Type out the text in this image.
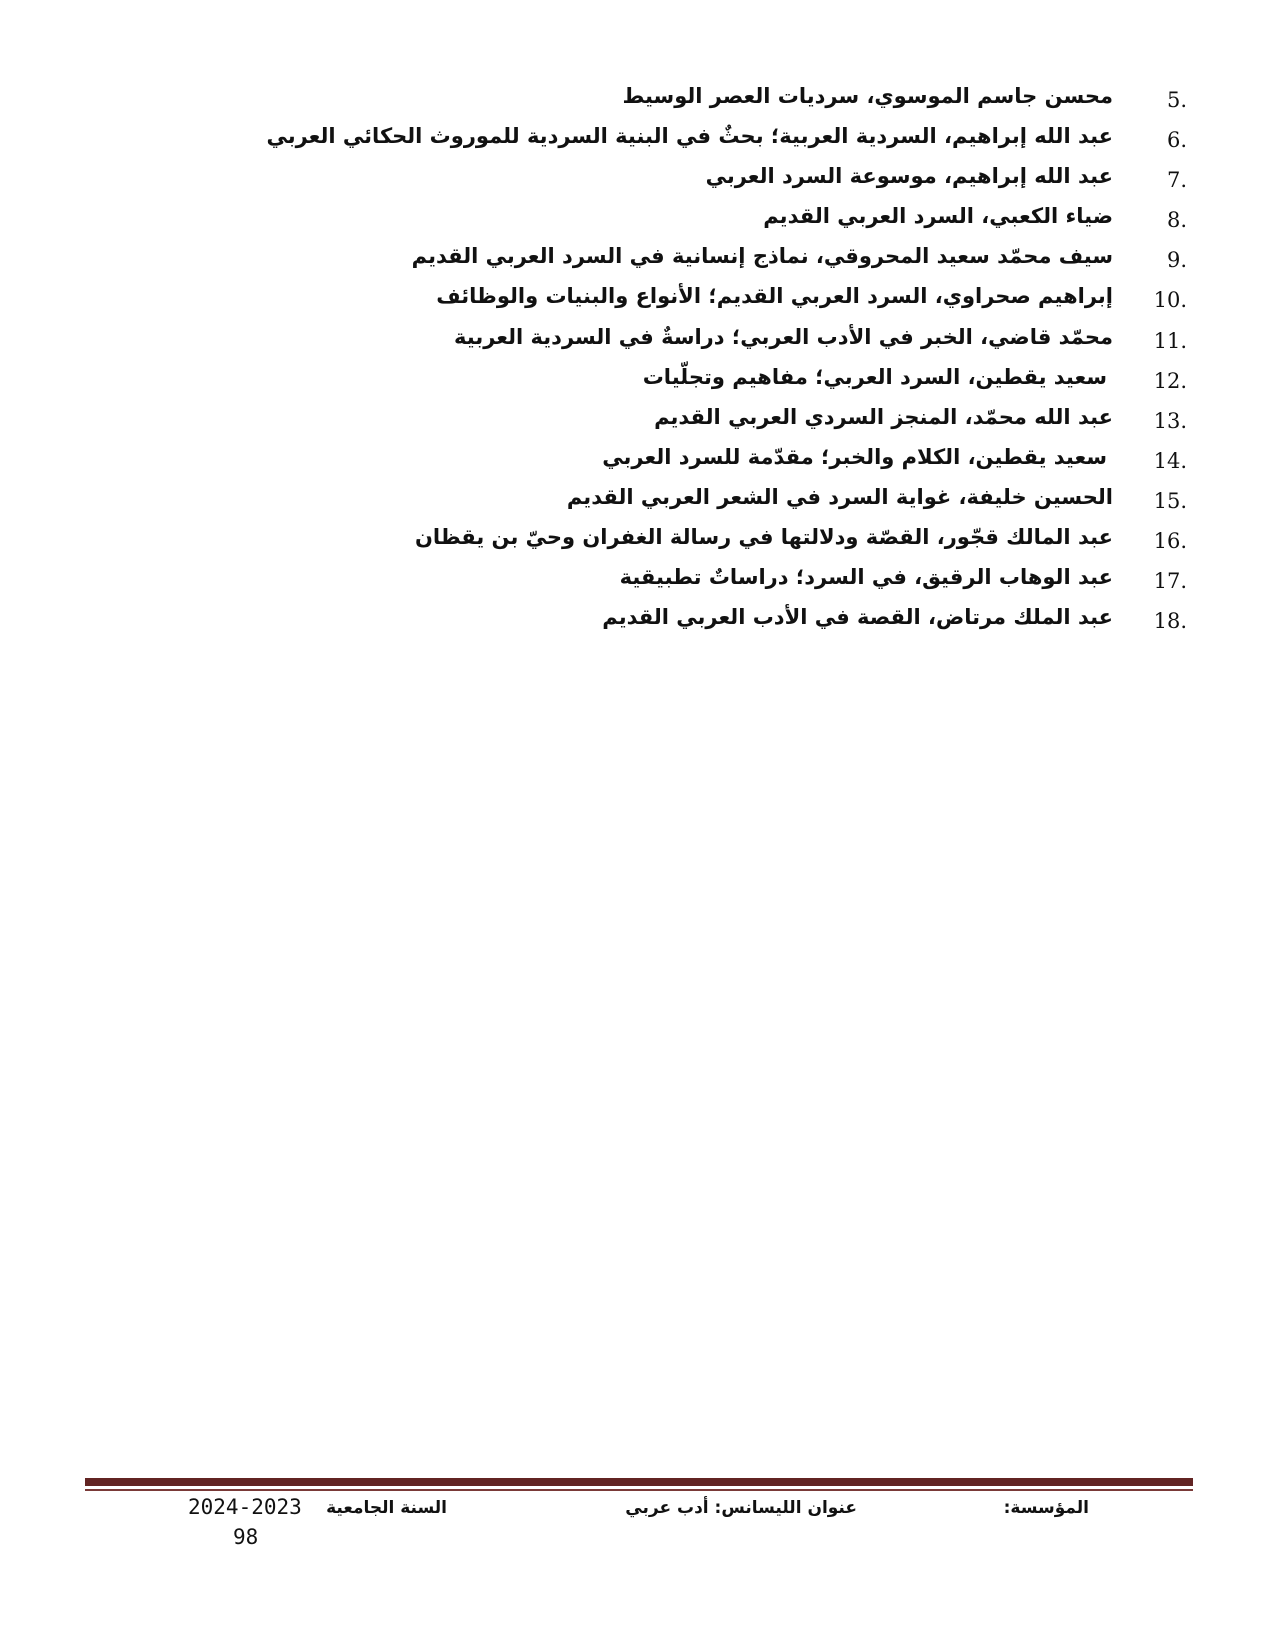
5.
محسن جاسم الموسوي، سرديات العصر الوسيط
6.
عبد الله إبراهيم، السردية العربية؛ بحثٌ في البنية السردية للموروث الحكائي العربي
7.
عبد الله إبراهيم، موسوعة السرد العربي
8.
ضياء الكعبي، السرد العربي القديم
9.
سيف محمّد سعيد المحروقي، نماذج إنسانية في السرد العربي القديم
10.
إبراهيم صحراوي، السرد العربي القديم؛ الأنواع والبنيات والوظائف
11.
محمّد قاضي، الخبر في الأدب العربي؛ دراسةٌ في السردية العربية
12.
سعيد يقطين، السرد العربي؛ مفاهيم وتجلّيات
13.
عبد الله محمّد، المنجز السردي العربي القديم
14.
سعيد يقطين، الكلام والخبر؛ مقدّمة للسرد العربي
15.
الحسين خليفة، غواية السرد في الشعر العربي القديم
16.
عبد المالك قجّور، القصّة ودلالتها في رسالة الغفران وحيّ بن يقظان
17.
عبد الوهاب الرقيق، في السرد؛ دراساتٌ تطبيقية
18.
عبد الملك مرتاض، القصة في الأدب العربي القديم
المؤسسة:
عنوان الليسانس: أدب عربي
السنة الجامعية
2024-2023
98
